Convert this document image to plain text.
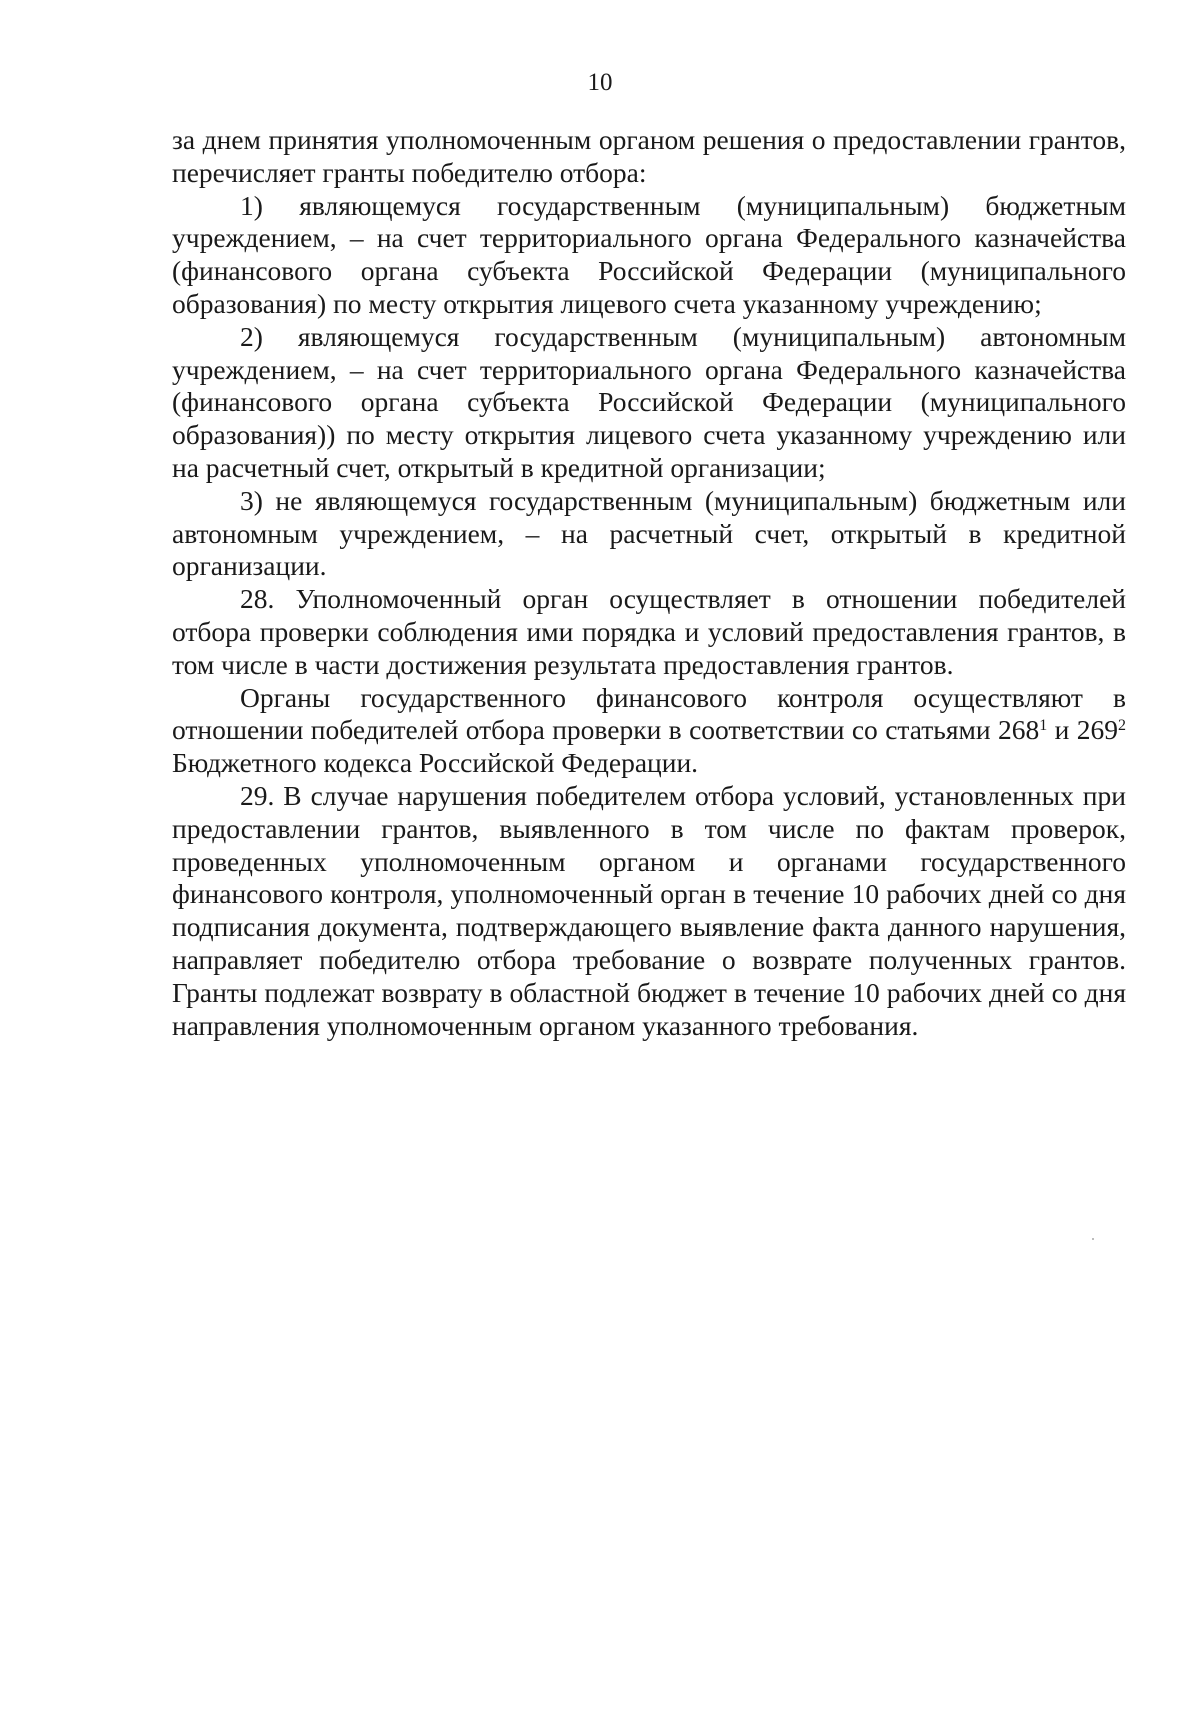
10

за днем принятия уполномоченным органом решения о предоставлении грантов, перечисляет гранты победителю отбора:

1) являющемуся государственным (муниципальным) бюджетным учреждением, – на счет территориального органа Федерального казначейства (финансового органа субъекта Российской Федерации (муниципального образования) по месту открытия лицевого счета указанному учреждению;

2) являющемуся государственным (муниципальным) автономным учреждением, – на счет территориального органа Федерального казначейства (финансового органа субъекта Российской Федерации (муниципального образования)) по месту открытия лицевого счета указанному учреждению или на расчетный счет, открытый в кредитной организации;

3) не являющемуся государственным (муниципальным) бюджетным или автономным учреждением, – на расчетный счет, открытый в кредитной организации.

28. Уполномоченный орган осуществляет в отношении победителей отбора проверки соблюдения ими порядка и условий предоставления грантов, в том числе в части достижения результата предоставления грантов.

Органы государственного финансового контроля осуществляют в отношении победителей отбора проверки в соответствии со статьями $268^1$ и $269^2$ Бюджетного кодекса Российской Федерации.

29. В случае нарушения победителем отбора условий, установленных при предоставлении грантов, выявленного в том числе по фактам проверок, проведенных уполномоченным органом и органами государственного финансового контроля, уполномоченный орган в течение 10 рабочих дней со дня подписания документа, подтверждающего выявление факта данного нарушения, направляет победителю отбора требование о возврате полученных грантов. Гранты подлежат возврату в областной бюджет в течение 10 рабочих дней со дня направления уполномоченным органом указанного требования.
